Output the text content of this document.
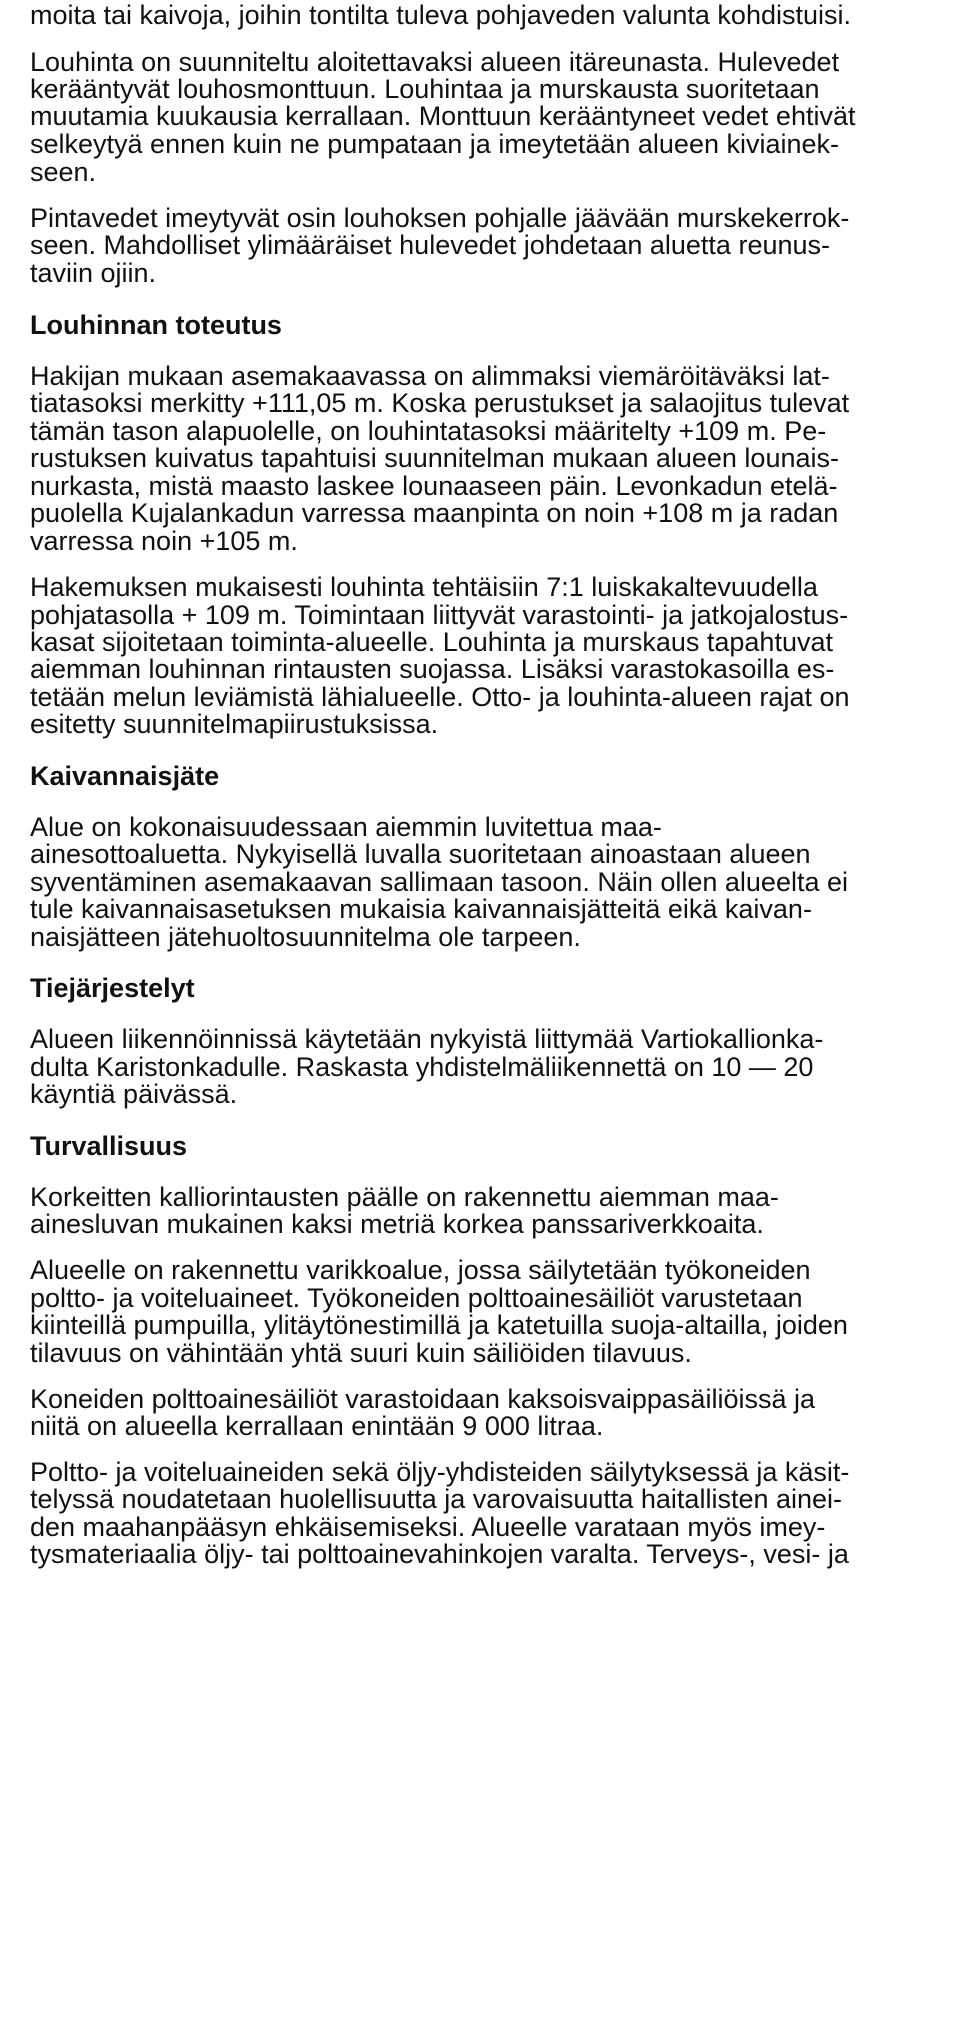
moita tai kaivoja, joihin tontilta tuleva pohjaveden valunta kohdistuisi.
Louhinta on suunniteltu aloitettavaksi alueen itäreunasta. Hulevedet
kerääntyvät louhosmonttuun. Louhintaa ja murskausta suoritetaan
muutamia kuukausia kerrallaan. Monttuun kerääntyneet vedet ehtivät
selkeytyä ennen kuin ne pumpataan ja imeytetään alueen kiviainek-
seen.
Pintavedet imeytyvät osin louhoksen pohjalle jäävään murskekerrok-
seen. Mahdolliset ylimääräiset hulevedet johdetaan aluetta reunus-
taviin ojiin.
Louhinnan toteutus
Hakijan mukaan asemakaavassa on alimmaksi viemäröitäväksi lat-
tiatasoksi merkitty +111,05 m. Koska perustukset ja salaojitus tulevat
tämän tason alapuolelle, on louhintatasoksi määritelty +109 m. Pe-
rustuksen kuivatus tapahtuisi suunnitelman mukaan alueen lounais-
nurkasta, mistä maasto laskee lounaaseen päin. Levonkadun etelä-
puolella Kujalankadun varressa maanpinta on noin +108 m ja radan
varressa noin +105 m.
Hakemuksen mukaisesti louhinta tehtäisiin 7:1 luiskakaltevuudella
pohjatasolla + 109 m. Toimintaan liittyvät varastointi- ja jatkojalostus-
kasat sijoitetaan toiminta-alueelle. Louhinta ja murskaus tapahtuvat
aiemman louhinnan rintausten suojassa. Lisäksi varastokasoilla es-
tetään melun leviämistä lähialueelle. Otto- ja louhinta-alueen rajat on
esitetty suunnitelmapiirustuksissa.
Kaivannaisjäte
Alue on kokonaisuudessaan aiemmin luvitettua maa-
ainesottoaluetta. Nykyisellä luvalla suoritetaan ainoastaan alueen
syventäminen asemakaavan sallimaan tasoon. Näin ollen alueelta ei
tule kaivannaisasetuksen mukaisia kaivannaisjätteitä eikä kaivan-
naisjätteen jätehuoltosuunnitelma ole tarpeen.
Tiejärjestelyt
Alueen liikennöinnissä käytetään nykyistä liittymää Vartiokallionka-
dulta Karistonkadulle. Raskasta yhdistelmäliikennettä on 10 — 20
käyntiä päivässä.
Turvallisuus
Korkeitten kalliorintausten päälle on rakennettu aiemman maa-
ainesluvan mukainen kaksi metriä korkea panssariverkkoaita.
Alueelle on rakennettu varikkoalue, jossa säilytetään työkoneiden
poltto- ja voiteluaineet. Työkoneiden polttoainesäiliöt varustetaan
kiinteillä pumpuilla, ylitäytönestimillä ja katetuilla suoja-altailla, joiden
tilavuus on vähintään yhtä suuri kuin säiliöiden tilavuus.
Koneiden polttoainesäiliöt varastoidaan kaksoisvaippasäiliöissä ja
niitä on alueella kerrallaan enintään 9 000 litraa.
Poltto- ja voiteluaineiden sekä öljy-yhdisteiden säilytyksessä ja käsit-
telyssä noudatetaan huolellisuutta ja varovaisuutta haitallisten ainei-
den maahanpääsyn ehkäisemiseksi. Alueelle varataan myös imey-
tysmateriaalia öljy- tai polttoainevahinkojen varalta. Terveys-, vesi- ja
